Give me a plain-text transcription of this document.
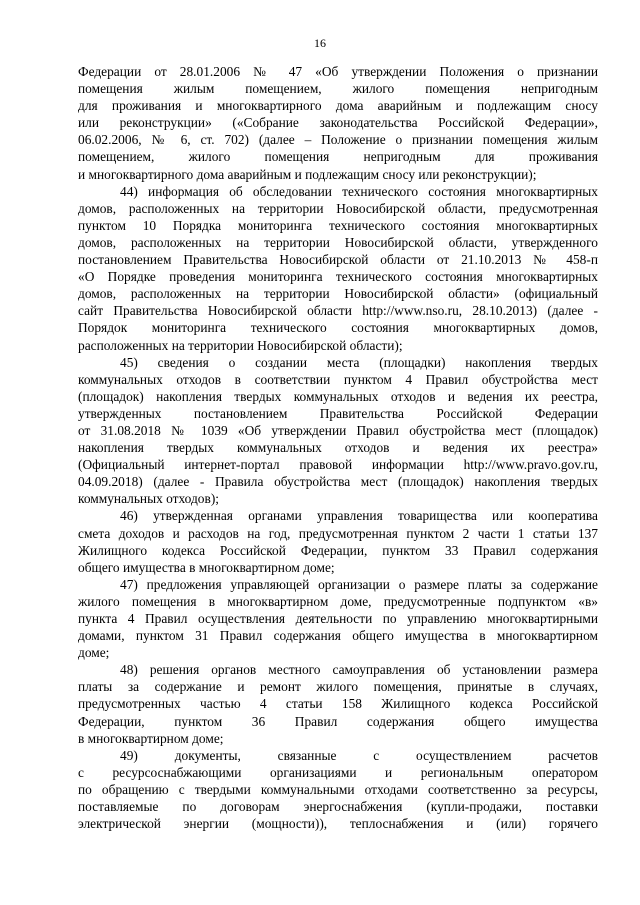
16
Федерации от 28.01.2006 № 47 «Об утверждении Положения о признании
помещения жилым помещением, жилого помещения непригодным
для проживания и многоквартирного дома аварийным и подлежащим сносу
или реконструкции» («Собрание законодательства Российской Федерации»,
06.02.2006, № 6, ст. 702) (далее – Положение о признании помещения жилым
помещением, жилого помещения непригодным для проживания
и многоквартирного дома аварийным и подлежащим сносу или реконструкции);
44) информация об обследовании технического состояния многоквартирных
домов, расположенных на территории Новосибирской области, предусмотренная
пунктом 10 Порядка мониторинга технического состояния многоквартирных
домов, расположенных на территории Новосибирской области, утвержденного
постановлением Правительства Новосибирской области от 21.10.2013 № 458-п
«О Порядке проведения мониторинга технического состояния многоквартирных
домов, расположенных на территории Новосибирской области» (официальный
сайт Правительства Новосибирской области http://www.nso.ru, 28.10.2013) (далее -
Порядок мониторинга технического состояния многоквартирных домов,
расположенных на территории Новосибирской области);
45) сведения о создании места (площадки) накопления твердых
коммунальных отходов в соответствии пунктом 4 Правил обустройства мест
(площадок) накопления твердых коммунальных отходов и ведения их реестра,
утвержденных постановлением Правительства Российской Федерации
от 31.08.2018 № 1039 «Об утверждении Правил обустройства мест (площадок)
накопления твердых коммунальных отходов и ведения их реестра»
(Официальный интернет-портал правовой информации http://www.pravo.gov.ru,
04.09.2018) (далее - Правила обустройства мест (площадок) накопления твердых
коммунальных отходов);
46) утвержденная органами управления товарищества или кооператива
смета доходов и расходов на год, предусмотренная пунктом 2 части 1 статьи 137
Жилищного кодекса Российской Федерации, пунктом 33 Правил содержания
общего имущества в многоквартирном доме;
47) предложения управляющей организации о размере платы за содержание
жилого помещения в многоквартирном доме, предусмотренные подпунктом «в»
пункта 4 Правил осуществления деятельности по управлению многоквартирными
домами, пунктом 31 Правил содержания общего имущества в многоквартирном
доме;
48) решения органов местного самоуправления об установлении размера
платы за содержание и ремонт жилого помещения, принятые в случаях,
предусмотренных частью 4 статьи 158 Жилищного кодекса Российской
Федерации, пунктом 36 Правил содержания общего имущества
в многоквартирном доме;
49) документы, связанные с осуществлением расчетов
с ресурсоснабжающими организациями и региональным оператором
по обращению с твердыми коммунальными отходами соответственно за ресурсы,
поставляемые по договорам энергоснабжения (купли-продажи, поставки
электрической энергии (мощности)), теплоснабжения и (или) горячего
